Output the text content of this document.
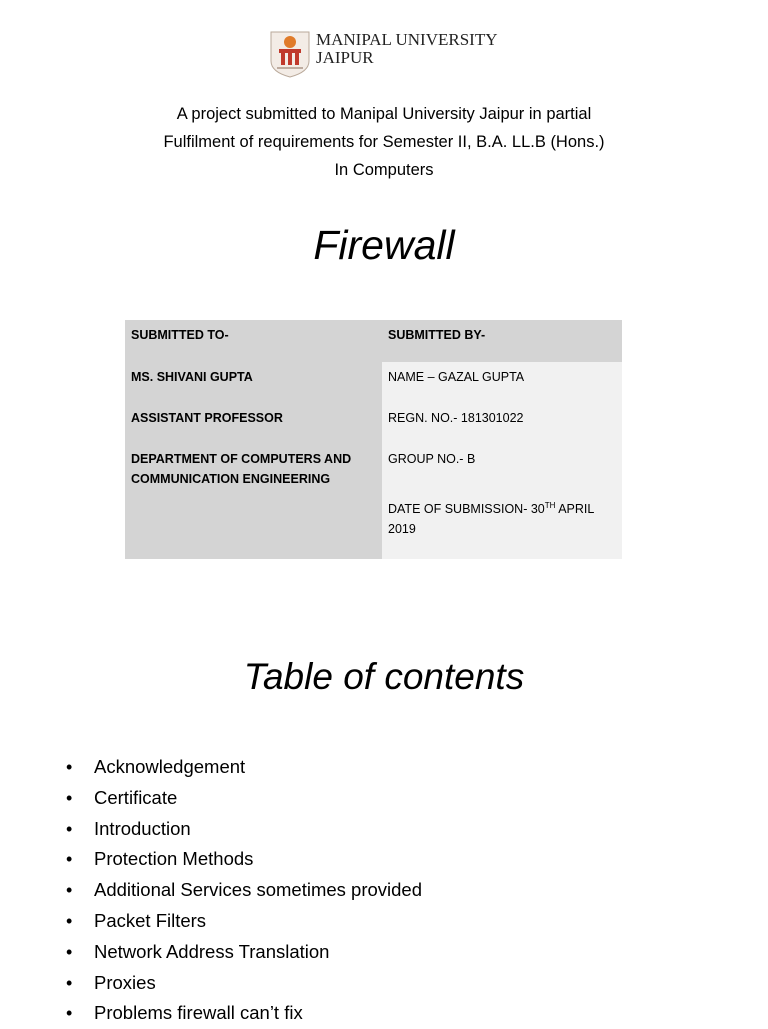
MANIPAL UNIVERSITY
JAIPUR
A project submitted to Manipal University Jaipur in partial
Fulfilment of requirements for Semester II, B.A. LL.B (Hons.)
In Computers
Firewall
SUBMITTED TO-	SUBMITTED BY-
MS. SHIVANI GUPTA	NAME – GAZAL GUPTA
ASSISTANT PROFESSOR	REGN. NO.- 181301022

DEPARTMENT OF COMPUTERS AND
COMMUNICATION ENGINEERING	GROUP NO.- B
	DATE OF SUBMISSION- 30TH APRIL
2019
Table of contents
• Acknowledgement
• Certificate
• Introduction
• Protection Methods
• Additional Services sometimes provided
• Packet Filters
• Network Address Translation
• Proxies
• Problems firewall can’t fix
